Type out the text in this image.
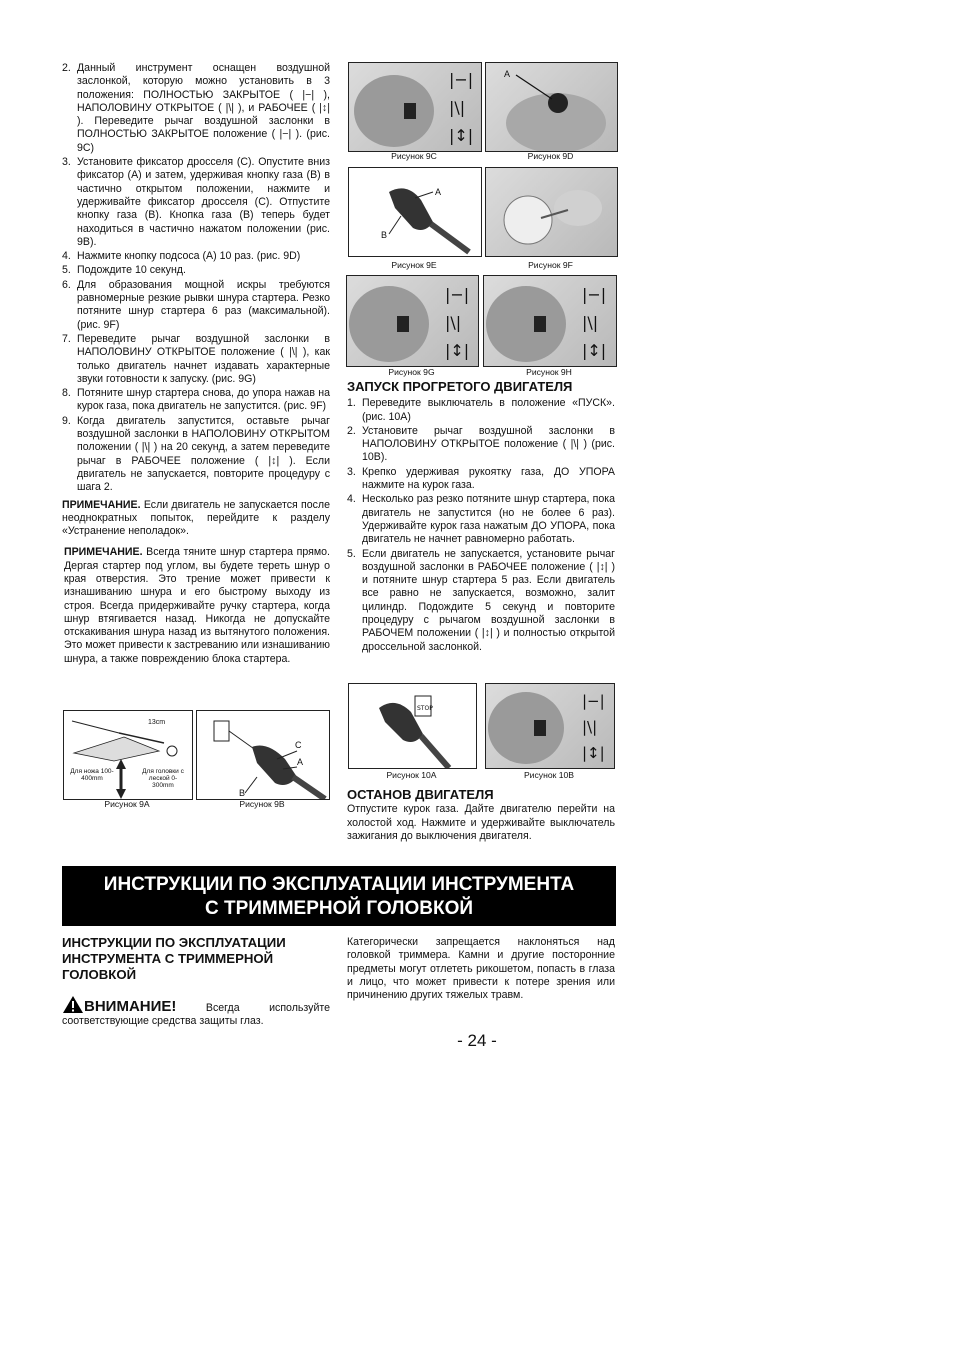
2. Данный инструмент оснащен воздушной заслонкой, которую можно установить в 3 положения: ПОЛНОСТЬЮ ЗАКРЫТОЕ ( |−| ), НАПОЛОВИНУ ОТКРЫТОЕ ( |\| ), и РАБОЧЕЕ ( |↕| ). Переведите рычаг воздушной заслонки в ПОЛНОСТЬЮ ЗАКРЫТОЕ положение ( |−| ). (рис. 9C)
3. Установите фиксатор дросселя (C). Опустите вниз фиксатор (A) и затем, удерживая кнопку газа (B) в частично открытом положении, нажмите и удерживайте фиксатор дросселя (C). Отпустите кнопку газа (B). Кнопка газа (B) теперь будет находиться в частично нажатом положении (рис. 9B).
4. Нажмите кнопку подсоса (A) 10 раз. (рис. 9D)
5. Подождите 10 секунд.
6. Для образования мощной искры требуются равномерные резкие рывки шнура стартера. Резко потяните шнур стартера 6 раз (максимальной). (рис. 9F)
7. Переведите рычаг воздушной заслонки в НАПОЛОВИНУ ОТКРЫТОЕ положение ( |\| ), как только двигатель начнет издавать характерные звуки готовности к запуску. (рис. 9G)
8. Потяните шнур стартера снова, до упора нажав на курок газа, пока двигатель не запустится. (рис. 9F)
9. Когда двигатель запустится, оставьте рычаг воздушной заслонки в НАПОЛОВИНУ ОТКРЫТОМ положении ( |\| ) на 20 секунд, а затем переведите рычаг в РАБОЧЕЕ положение ( |↕| ). Если двигатель не запускается, повторите процедуру с шага 2.

ПРИМЕЧАНИЕ. Если двигатель не запускается после неоднократных попыток, перейдите к разделу «Устранение неполадок».

ПРИМЕЧАНИЕ. Всегда тяните шнур стартера прямо. Дергая стартер под углом, вы будете тереть шнур о края отверстия. Это трение может привести к изнашиванию шнура и его быстрому выходу из строя. Всегда придерживайте ручку стартера, когда шнур втягивается назад. Никогда не допускайте отскакивания шнура назад из вытянутого положения. Это может привести к застреванию или изнашиванию шнура, а также повреждению блока стартера.

13cm
Для ножа 100-400mm
Для головки с леской 0-300mm
Рисунок 9A
C
A
B
Рисунок 9B
|−|
|\|
|↕|
Рисунок 9C
A
Рисунок 9D
A
B
Рисунок 9E	Рисунок 9F
|−|
|\|
|↕|
Рисунок 9G
|−|
|\|
|↕|
Рисунок 9H
ЗАПУСК ПРОГРЕТОГО ДВИГАТЕЛЯ
1. Переведите выключатель в положение «ПУСК». (рис. 10A)
2. Установите рычаг воздушной заслонки в НАПОЛОВИНУ ОТКРЫТОЕ положение ( |\| ) (рис. 10B).
3. Крепко удерживая рукоятку газа, ДО УПОРА нажмите на курок газа.
4. Несколько раз резко потяните шнур стартера, пока двигатель не запустится (но не более 6 раз). Удерживайте курок газа нажатым ДО УПОРА, пока двигатель не начнет равномерно работать.
5. Если двигатель не запускается, установите рычаг воздушной заслонки в РАБОЧЕЕ положение ( |↕| ) и потяните шнур стартера 5 раз. Если двигатель все равно не запускается, возможно, залит цилиндр. Подождите 5 секунд и повторите процедуру с рычагом воздушной заслонки в РАБОЧЕМ положении ( |↕| ) и полностью открытой дроссельной заслонкой.
STOP
Рисунок 10A
|−|
|\|
|↕|
Рисунок 10B
ОСТАНОВ ДВИГАТЕЛЯ
Отпустите курок газа. Дайте двигателю перейти на холостой ход. Нажмите и удерживайте выключатель зажигания до выключения двигателя.
ИНСТРУКЦИИ ПО ЭКСПЛУАТАЦИИ ИНСТРУМЕНТА
С ТРИММЕРНОЙ ГОЛОВКОЙ
ИНСТРУКЦИИ ПО ЭКСПЛУАТАЦИИ ИНСТРУМЕНТА С ТРИММЕРНОЙ ГОЛОВКОЙ
ВНИМАНИЕ! Всегда используйте соответствующие средства защиты глаз.
Категорически запрещается наклоняться над головкой триммера. Камни и другие посторонние предметы могут отлететь рикошетом, попасть в глаза и лицо, что может привести к потере зрения или причинению других тяжелых травм.
- 24 -
